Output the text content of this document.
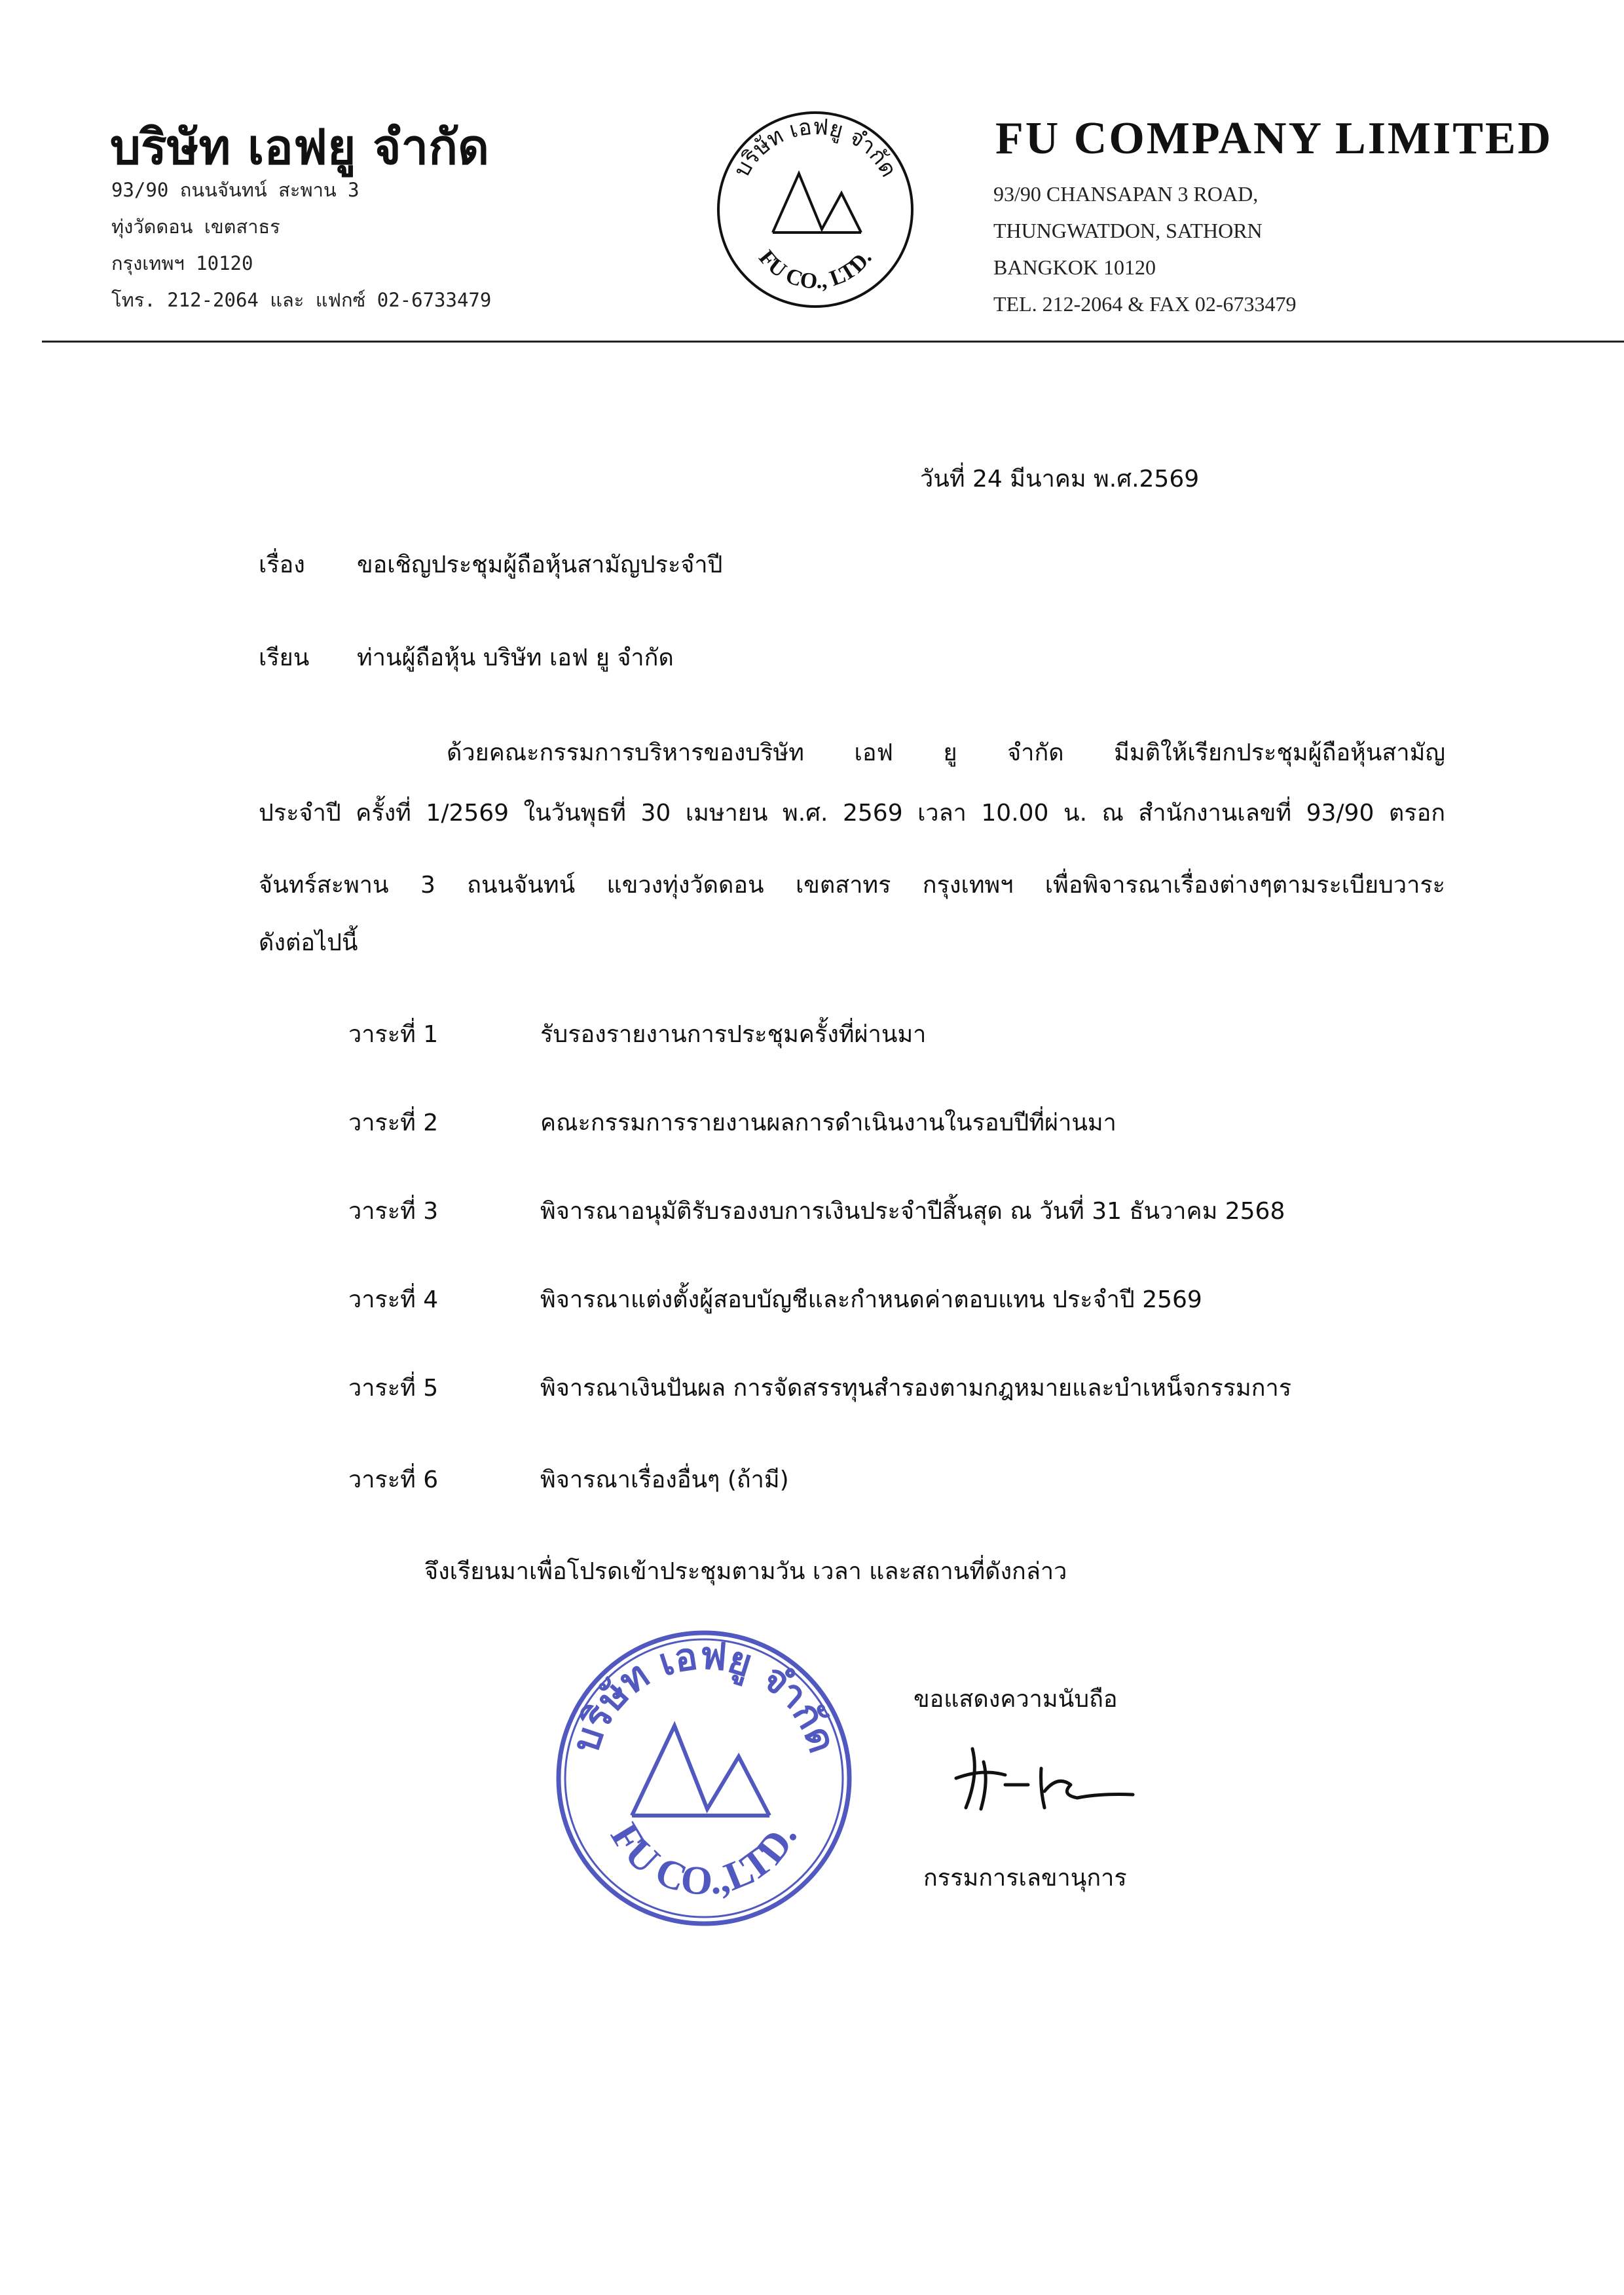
บริษัท เอฟยู จำกัด
93/90 ถนนจันทน์ สะพาน 3
ทุ่งวัดดอน เขตสาธร
กรุงเทพฯ 10120
โทร. 212-2064 และ แฟกซ์ 02-6733479
บริษัท เอฟยู จำกัด
FU CO., LTD.
FU COMPANY LIMITED
93/90 CHANSAPAN 3 ROAD,
THUNGWATDON, SATHORN
BANGKOK 10120
TEL. 212-2064 & FAX 02-6733479
วันที่ 24 มีนาคม พ.ศ.2569
เรื่อง ขอเชิญประชุมผู้ถือหุ้นสามัญประจำปี
เรียน ท่านผู้ถือหุ้น บริษัท เอฟ ยู จำกัด
ด้วยคณะกรรมการบริหารของบริษัท เอฟ ยู จำกัด มีมติให้เรียกประชุมผู้ถือหุ้นสามัญ
ประจำปี ครั้งที่ 1/2569 ในวันพุธที่ 30 เมษายน พ.ศ. 2569 เวลา 10.00 น. ณ สำนักงานเลขที่ 93/90 ตรอก
จันทร์สะพาน 3 ถนนจันทน์ แขวงทุ่งวัดดอน เขตสาทร กรุงเทพฯ เพื่อพิจารณาเรื่องต่างๆตามระเบียบวาระ
ดังต่อไปนี้
วาระที่ 1	รับรองรายงานการประชุมครั้งที่ผ่านมา
วาระที่ 2	คณะกรรมการรายงานผลการดำเนินงานในรอบปีที่ผ่านมา
วาระที่ 3	พิจารณาอนุมัติรับรองงบการเงินประจำปีสิ้นสุด ณ วันที่ 31 ธันวาคม 2568
วาระที่ 4	พิจารณาแต่งตั้งผู้สอบบัญชีและกำหนดค่าตอบแทน ประจำปี 2569
วาระที่ 5	พิจารณาเงินปันผล การจัดสรรทุนสำรองตามกฎหมายและบำเหน็จกรรมการ
วาระที่ 6	พิจารณาเรื่องอื่นๆ (ถ้ามี)
จึงเรียนมาเพื่อโปรดเข้าประชุมตามวัน เวลา และสถานที่ดังกล่าว
บริษัท เอฟยู จำกัด
FU CO.,LTD.
ขอแสดงความนับถือ
กรรมการเลขานุการ
